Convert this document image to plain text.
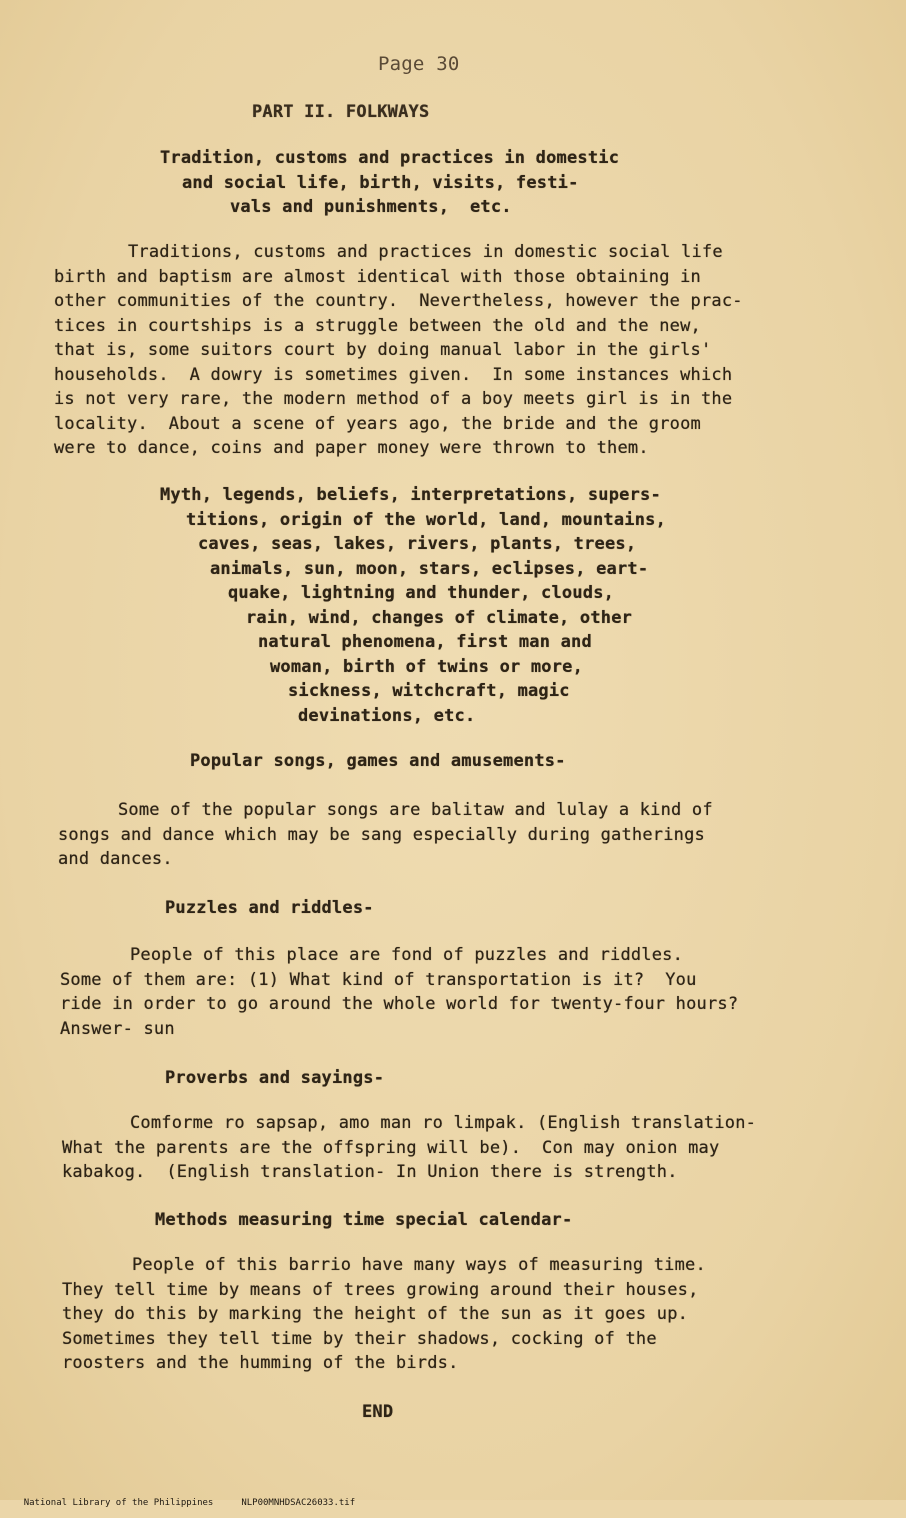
Page 30
PART II. FOLKWAYS
Tradition, customs and practices in domestic
and social life, birth, visits, festi-
vals and punishments,  etc.
Traditions, customs and practices in domestic social life
birth and baptism are almost identical with those obtaining in
other communities of the country.  Nevertheless, however the prac-
tices in courtships is a struggle between the old and the new,
that is, some suitors court by doing manual labor in the girls'
households.  A dowry is sometimes given.  In some instances which
is not very rare, the modern method of a boy meets girl is in the
locality.  About a scene of years ago, the bride and the groom
were to dance, coins and paper money were thrown to them.
Myth, legends, beliefs, interpretations, supers-
titions, origin of the world, land, mountains,
caves, seas, lakes, rivers, plants, trees,
animals, sun, moon, stars, eclipses, eart-
quake, lightning and thunder, clouds,
rain, wind, changes of climate, other
natural phenomena, first man and
woman, birth of twins or more,
sickness, witchcraft, magic
devinations, etc.
Popular songs, games and amusements-
Some of the popular songs are balitaw and lulay a kind of
songs and dance which may be sang especially during gatherings
and dances.
Puzzles and riddles-
People of this place are fond of puzzles and riddles.
Some of them are: (1) What kind of transportation is it?  You
ride in order to go around the whole world for twenty-four hours?
Answer- sun
Proverbs and sayings-
Comforme ro sapsap, amo man ro limpak. (English translation-
What the parents are the offspring will be).  Con may onion may
kabakog.  (English translation- In Union there is strength.
Methods measuring time special calendar-
People of this barrio have many ways of measuring time.
They tell time by means of trees growing around their houses,
they do this by marking the height of the sun as it goes up.
Sometimes they tell time by their shadows, cocking of the
roosters and the humming of the birds.
END

National Library of the Philippines	NLP00MNHDSAC26033.tif
